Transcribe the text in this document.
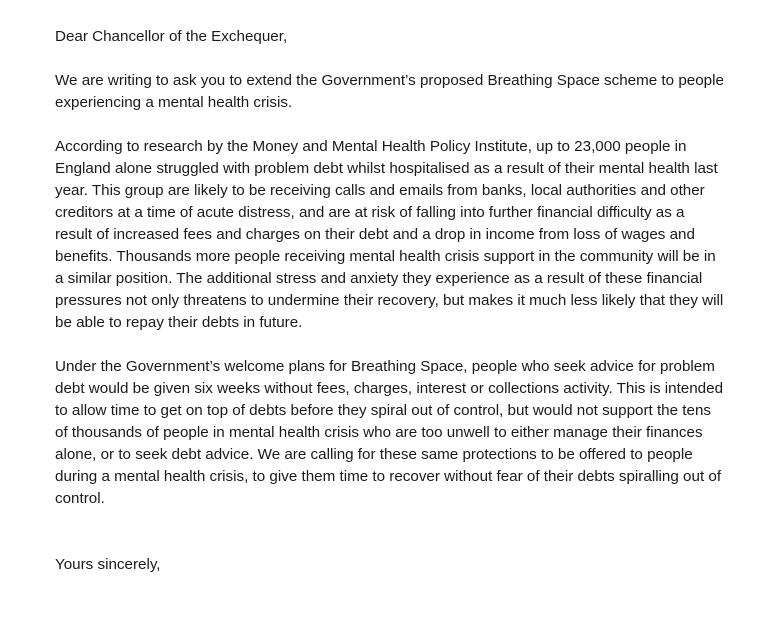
Dear Chancellor of the Exchequer,

We are writing to ask you to extend the Government’s proposed Breathing Space scheme to people experiencing a mental health crisis.

According to research by the Money and Mental Health Policy Institute, up to 23,000 people in England alone struggled with problem debt whilst hospitalised as a result of their mental health last year. This group are likely to be receiving calls and emails from banks, local authorities and other creditors at a time of acute distress, and are at risk of falling into further financial difficulty as a result of increased fees and charges on their debt and a drop in income from loss of wages and benefits. Thousands more people receiving mental health crisis support in the community will be in a similar position. The additional stress and anxiety they experience as a result of these financial pressures not only threatens to undermine their recovery, but makes it much less likely that they will be able to repay their debts in future.

Under the Government’s welcome plans for Breathing Space, people who seek advice for problem debt would be given six weeks without fees, charges, interest or collections activity. This is intended to allow time to get on top of debts before they spiral out of control, but would not support the tens of thousands of people in mental health crisis who are too unwell to either manage their finances alone, or to seek debt advice. We are calling for these same protections to be offered to people during a mental health crisis, to give them time to recover without fear of their debts spiralling out of control.

Yours sincerely,
